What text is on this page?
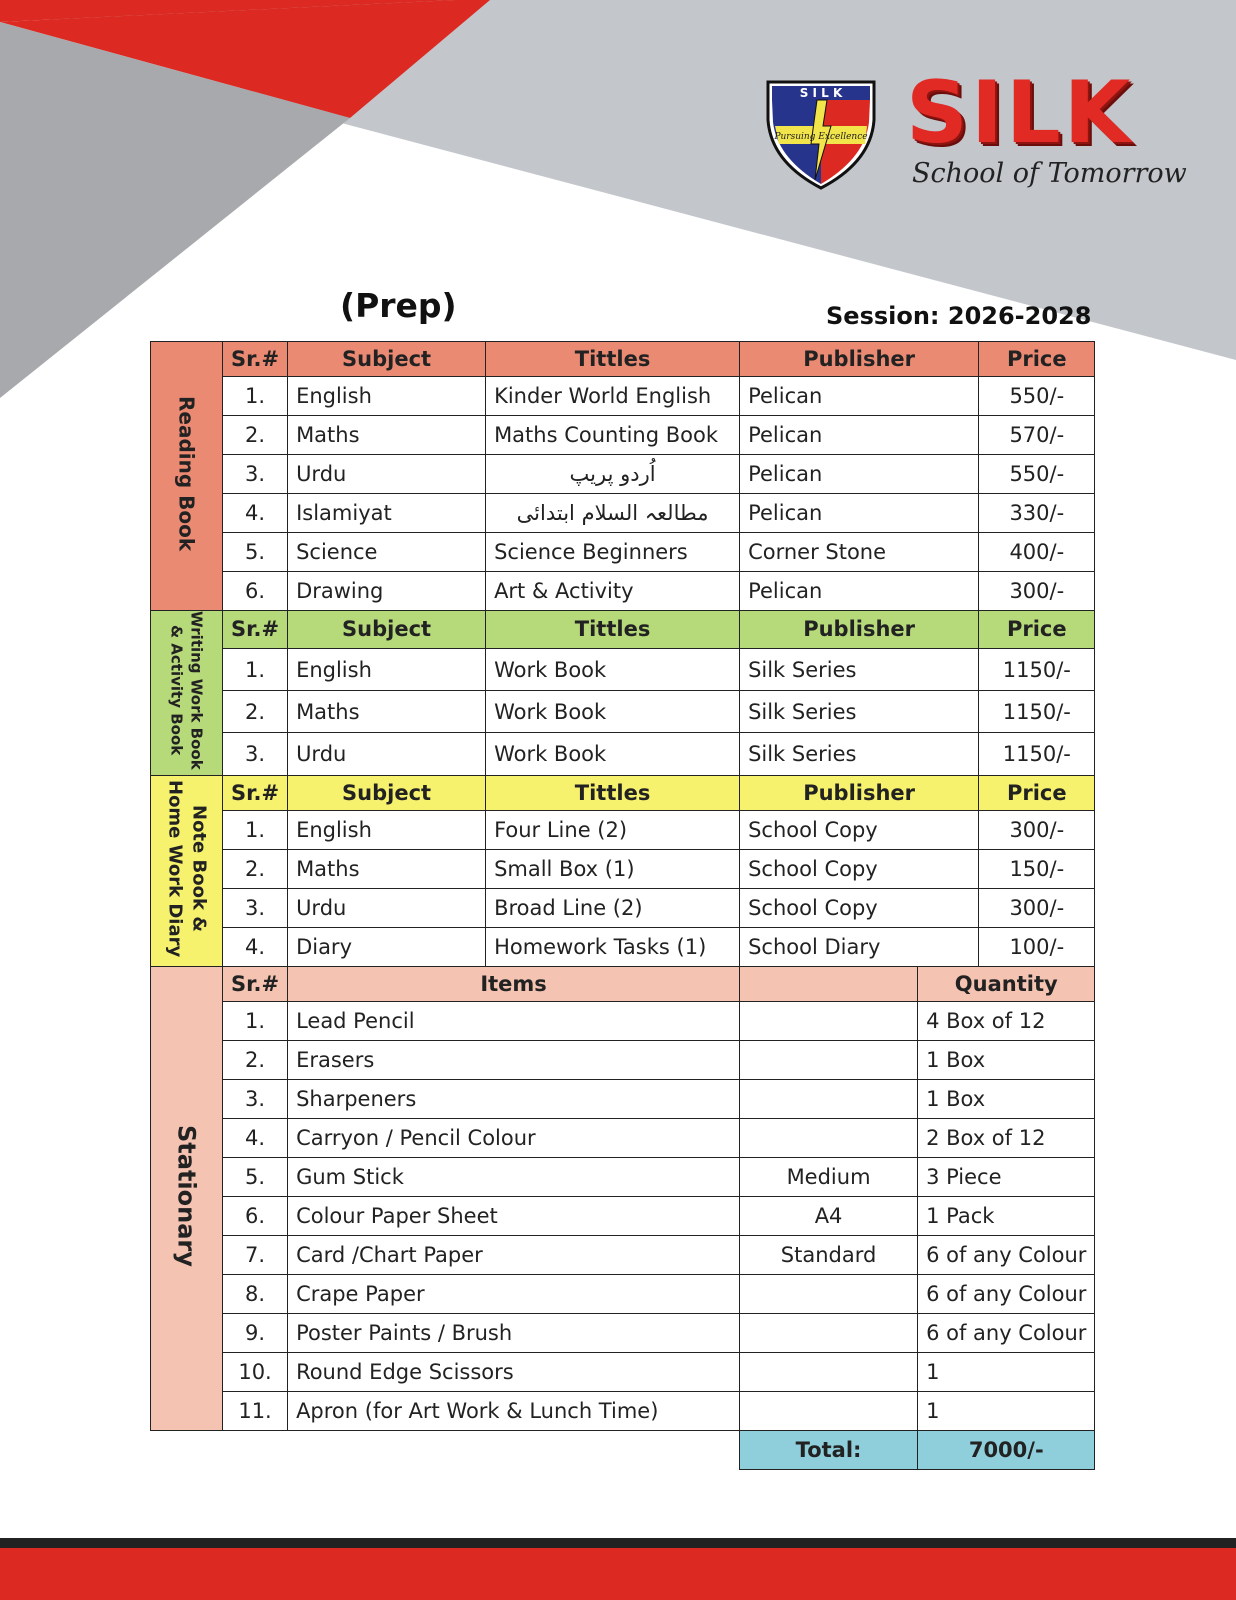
S I L K
Pursuing Excellence SILK
School of Tomorrow
(Prep)	Session: 2026-2028
Reading Book	Sr.#	Subject	Tittles	Publisher		Price
	1.	English	Kinder World English	Pelican		550/-
	2.	Maths	Maths Counting Book	Pelican		570/-
	3.	Urdu	اُردو پریپ	Pelican		550/-
	4.	Islamiyat	مطالعہ السلام ابتدائی	Pelican		330/-
	5.	Science	Science Beginners	Corner Stone		400/-
	6.	Drawing	Art & Activity	Pelican		300/-
Writing Work Book
& Activity Book	Sr.#	Subject	Tittles	Publisher		Price
	1.	English	Work Book	Silk Series		1150/-
	2.	Maths	Work Book	Silk Series		1150/-
	3.	Urdu	Work Book	Silk Series		1150/-
Note Book &
Home Work Diary	Sr.#	Subject	Tittles	Publisher		Price
	1.	English	Four Line (2)	School Copy		300/-
	2.	Maths	Small Box (1)	School Copy		150/-
	3.	Urdu	Broad Line (2)	School Copy		300/-
	4.	Diary	Homework Tasks (1)	School Diary		100/-
Stationary	Sr.#	Items			Quantity	
	1.	Lead Pencil			4 Box of 12	
	2.	Erasers			1 Box	
	3.	Sharpeners			1 Box	
	4.	Carryon / Pencil Colour			2 Box of 12	
	5.	Gum Stick		Medium	3 Piece	
	6.	Colour Paper Sheet		A4	1 Pack	
	7.	Card /Chart Paper		Standard	6 of any Colour	
	8.	Crape Paper			6 of any Colour	
	9.	Poster Paints / Brush			6 of any Colour	
	10.	Round Edge Scissors			1	
	11.	Apron (for Art Work & Lunch Time)			1	
				Total:	7000/-	
